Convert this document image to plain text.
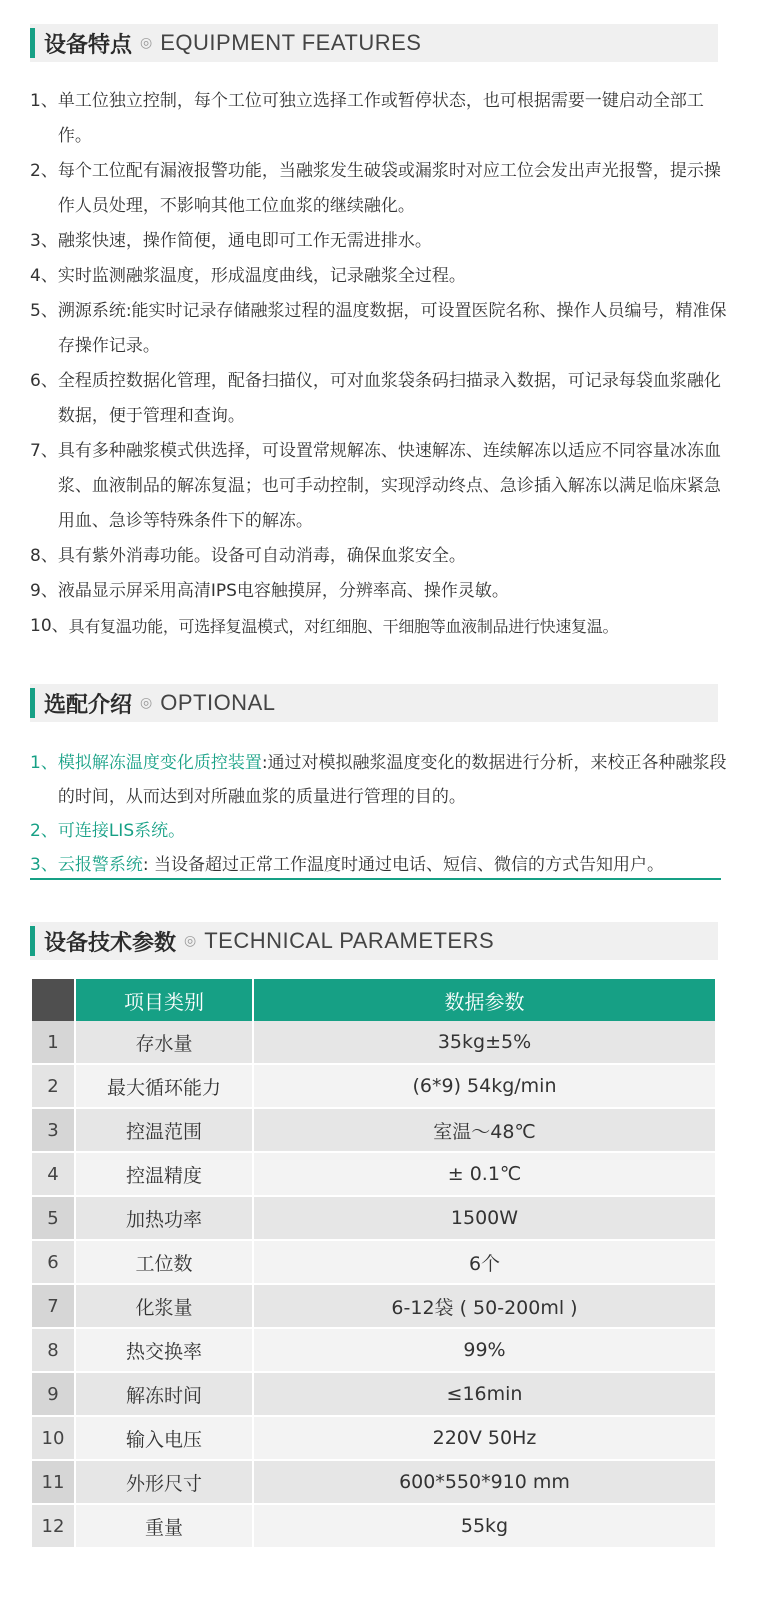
设备特点 ◎ EQUIPMENT FEATURES
1、 单工位独立控制，每个工位可独立选择工作或暂停状态，也可根据需要一键启动全部工作。
2、 每个工位配有漏液报警功能，当融浆发生破袋或漏浆时对应工位会发出声光报警，提示操作人员处理，不影响其他工位血浆的继续融化。
3、 融浆快速，操作简便，通电即可工作无需进排水。
4、 实时监测融浆温度，形成温度曲线，记录融浆全过程。
5、 溯源系统:能实时记录存储融浆过程的温度数据，可设置医院名称、操作人员编号，精准保存操作记录。
6、 全程质控数据化管理，配备扫描仪，可对血浆袋条码扫描录入数据，可记录每袋血浆融化数据，便于管理和查询。
7、 具有多种融浆模式供选择，可设置常规解冻、快速解冻、连续解冻以适应不同容量冰冻血浆、血液制品的解冻复温；也可手动控制，实现浮动终点、急诊插入解冻以满足临床紧急用血、急诊等特殊条件下的解冻。
8、 具有紫外消毒功能。设备可自动消毒，确保血浆安全。
9、 液晶显示屏采用高清IPS电容触摸屏，分辨率高、操作灵敏。
10、 具有复温功能，可选择复温模式，对红细胞、干细胞等血液制品进行快速复温。
选配介绍 ◎ OPTIONAL
1、 模拟解冻温度变化质控装置:通过对模拟融浆温度变化的数据进行分析，来校正各种融浆段的时间，从而达到对所融血浆的质量进行管理的目的。
2、 可连接LIS系统。
3、 云报警系统: 当设备超过正常工作温度时通过电话、短信、微信的方式告知用户。
设备技术参数 ◎ TECHNICAL PARAMETERS
	项目类别	数据参数
1	存水量	35kg±5%
2	最大循环能力	(6*9) 54kg/min
3	控温范围	室温～48℃
4	控温精度	± 0.1℃
5	加热功率	1500W
6	工位数	6个
7	化浆量	6-12袋 ( 50-200ml )
8	热交换率	99%
9	解冻时间	≤16min
10	输入电压	220V 50Hz
11	外形尺寸	600*550*910 mm
12	重量	55kg
